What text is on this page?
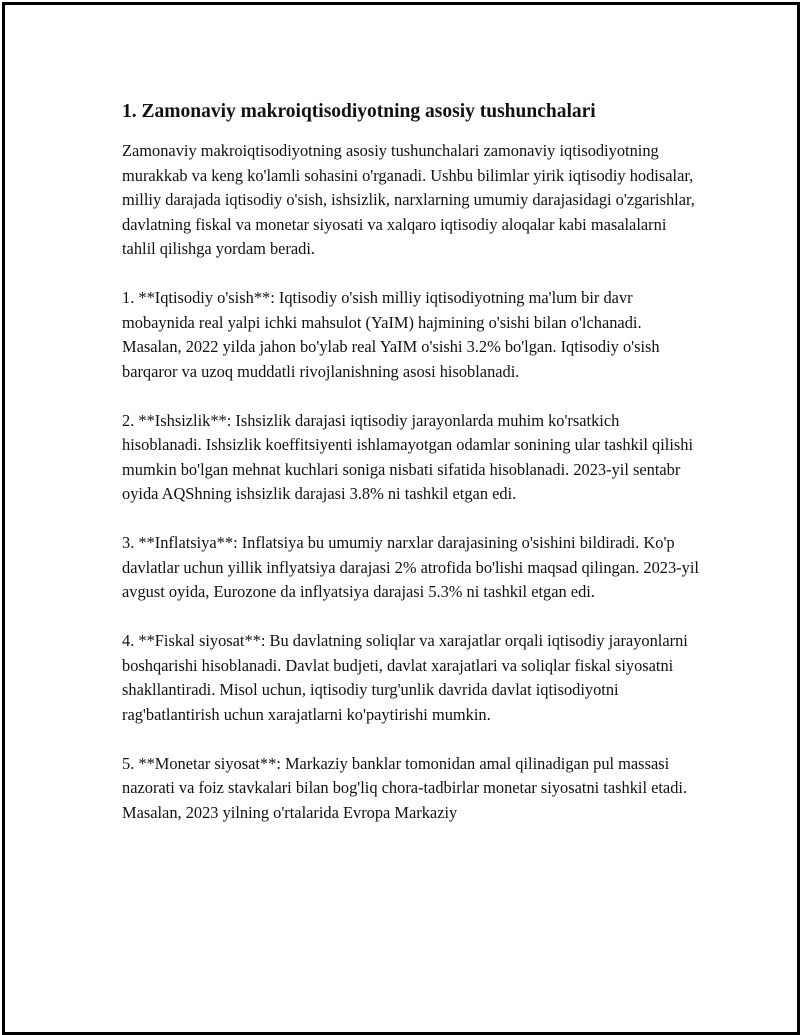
1. Zamonaviy makroiqtisodiyotning asosiy tushunchalari

Zamonaviy makroiqtisodiyotning asosiy tushunchalari zamonaviy iqtisodiyotning murakkab va keng ko'lamli sohasini o'rganadi. Ushbu bilimlar yirik iqtisodiy hodisalar, milliy darajada iqtisodiy o'sish, ishsizlik, narxlarning umumiy darajasidagi o'zgarishlar, davlatning fiskal va monetar siyosati va xalqaro iqtisodiy aloqalar kabi masalalarni tahlil qilishga yordam beradi.

1. **Iqtisodiy o'sish**: Iqtisodiy o'sish milliy iqtisodiyotning ma'lum bir davr mobaynida real yalpi ichki mahsulot (YaIM) hajmining o'sishi bilan o'lchanadi. Masalan, 2022 yilda jahon bo'ylab real YaIM o'sishi 3.2% bo'lgan. Iqtisodiy o'sish barqaror va uzoq muddatli rivojlanishning asosi hisoblanadi.

2. **Ishsizlik**: Ishsizlik darajasi iqtisodiy jarayonlarda muhim ko'rsatkich hisoblanadi. Ishsizlik koeffitsiyenti ishlamayotgan odamlar sonining ular tashkil qilishi mumkin bo'lgan mehnat kuchlari soniga nisbati sifatida hisoblanadi. 2023-yil sentabr oyida AQShning ishsizlik darajasi 3.8% ni tashkil etgan edi.

3. **Inflatsiya**: Inflatsiya bu umumiy narxlar darajasining o'sishini bildiradi. Ko'p davlatlar uchun yillik inflyatsiya darajasi 2% atrofida bo'lishi maqsad qilingan. 2023-yil avgust oyida, Eurozone da inflyatsiya darajasi 5.3% ni tashkil etgan edi.

4. **Fiskal siyosat**: Bu davlatning soliqlar va xarajatlar orqali iqtisodiy jarayonlarni boshqarishi hisoblanadi. Davlat budjeti, davlat xarajatlari va soliqlar fiskal siyosatni shakllantiradi. Misol uchun, iqtisodiy turg'unlik davrida davlat iqtisodiyotni rag'batlantirish uchun xarajatlarni ko'paytirishi mumkin.

5. **Monetar siyosat**: Markaziy banklar tomonidan amal qilinadigan pul massasi nazorati va foiz stavkalari bilan bog'liq chora-tadbirlar monetar siyosatni tashkil etadi. Masalan, 2023 yilning o'rtalarida Evropa Markaziy
